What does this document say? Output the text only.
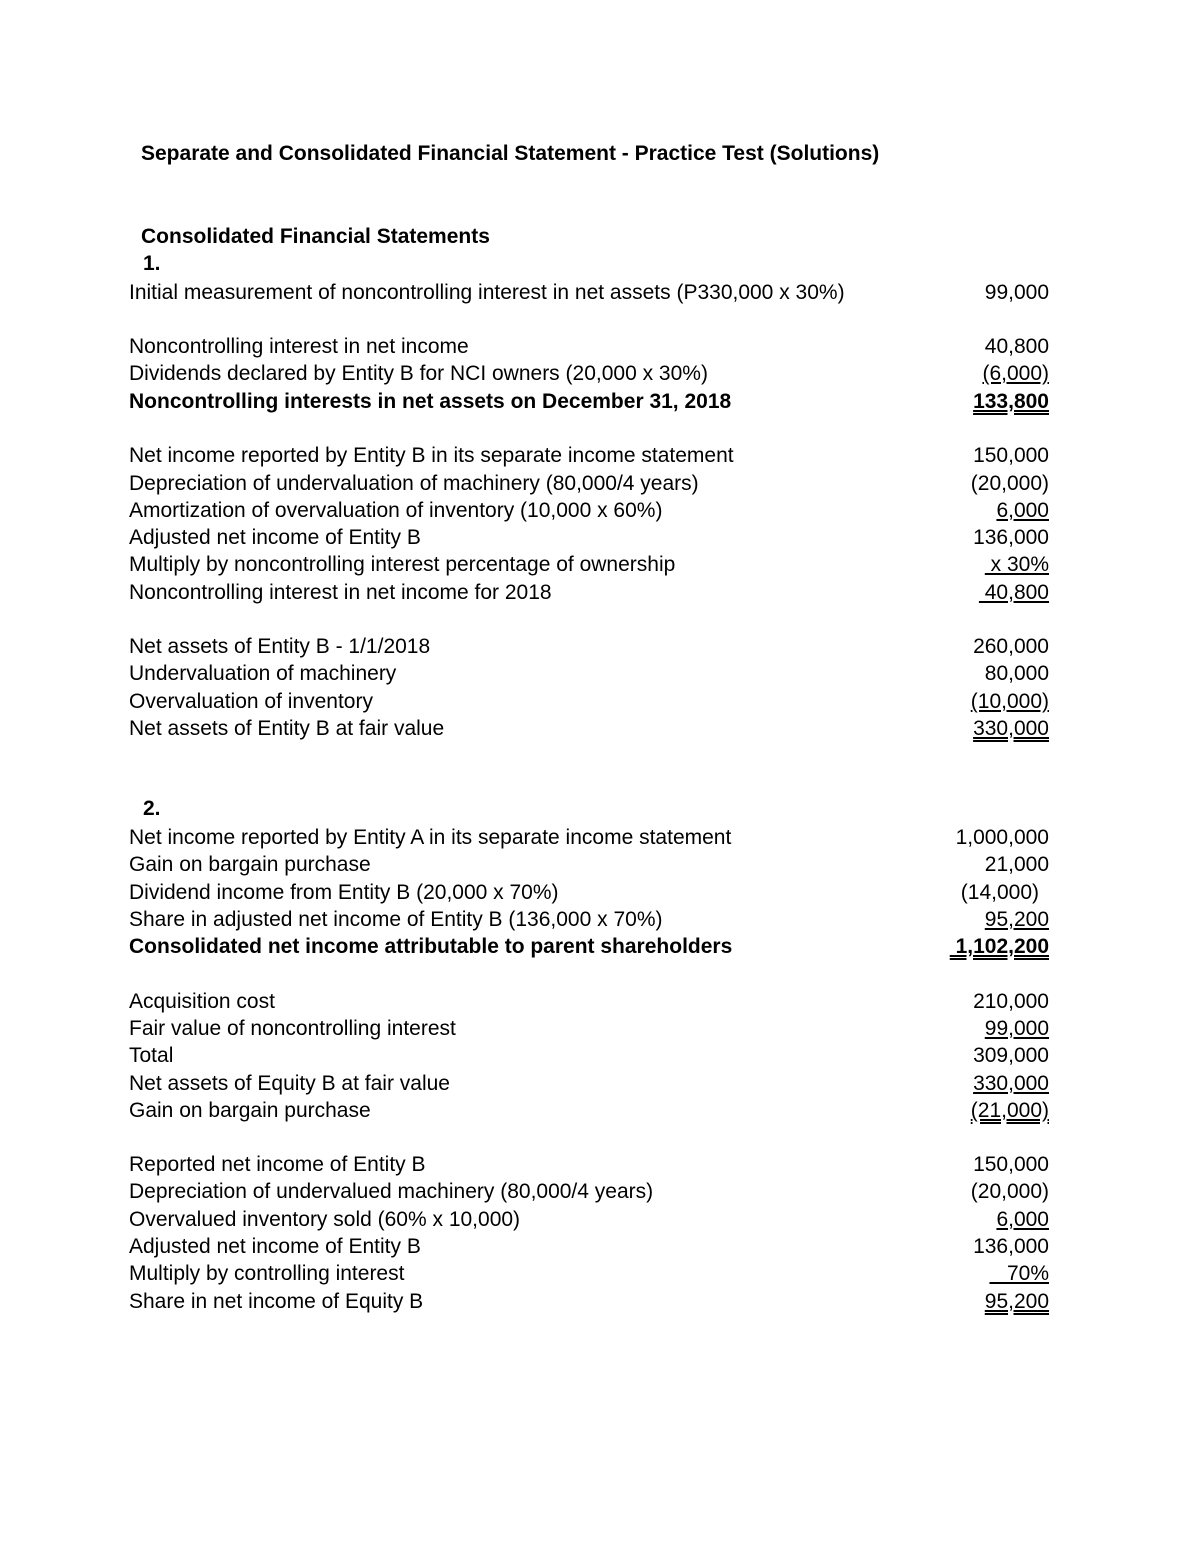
Separate and Consolidated Financial Statement - Practice Test (Solutions)
Consolidated Financial Statements
1.
Initial measurement of noncontrolling interest in net assets (P330,000 x 30%)	99,000
Noncontrolling interest in net income	40,800
Dividends declared by Entity B for NCI owners (20,000 x 30%)	(6,000)
Noncontrolling interests in net assets on December 31, 2018	133,800
Net income reported by Entity B in its separate income statement	150,000
Depreciation of undervaluation of machinery (80,000/4 years)	(20,000)
Amortization of overvaluation of inventory (10,000 x 60%)	6,000
Adjusted net income of Entity B	136,000
Multiply by noncontrolling interest percentage of ownership	x 30%
Noncontrolling interest in net income for 2018	40,800
Net assets of Entity B - 1/1/2018	260,000
Undervaluation of machinery	80,000
Overvaluation of inventory	(10,000)
Net assets of Entity B at fair value	330,000
2.
Net income reported by Entity A in its separate income statement	1,000,000
Gain on bargain purchase	21,000
Dividend income from Entity B (20,000 x 70%)	(14,000)
Share in adjusted net income of Entity B (136,000 x 70%)	95,200
Consolidated net income attributable to parent shareholders	1,102,200
Acquisition cost	210,000
Fair value of noncontrolling interest	99,000
Total	309,000
Net assets of Equity B at fair value	330,000
Gain on bargain purchase	(21,000)
Reported net income of Entity B	150,000
Depreciation of undervalued machinery (80,000/4 years)	(20,000)
Overvalued inventory sold (60% x 10,000)	6,000
Adjusted net income of Entity B	136,000
Multiply by controlling interest	70%
Share in net income of Equity B	95,200
